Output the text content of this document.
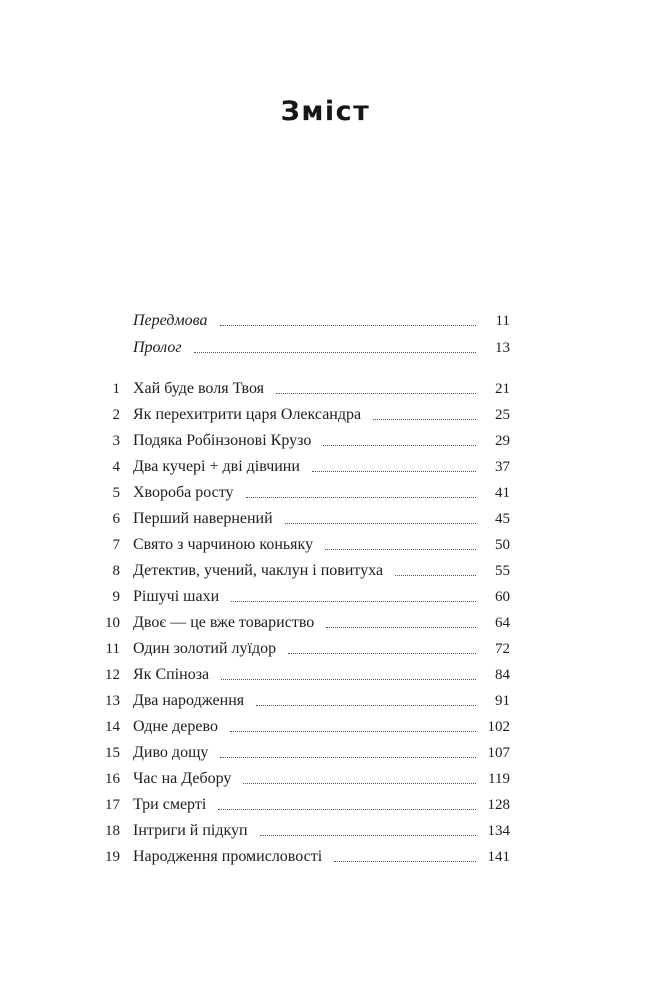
Зміст
Передмова	11
Пролог	13
1 Хай буде воля Твоя	21
2 Як перехитрити царя Олександра	25
3 Подяка Робінзонові Крузо	29
4 Два кучері + дві дівчини	37
5 Хвороба росту	41
6 Перший навернений	45
7 Свято з чарчиною коньяку	50
8 Детектив, учений, чаклун і повитуха	55
9 Рішучі шахи	60
10 Двоє — це вже товариство	64
11 Один золотий луїдор	72
12 Як Спіноза	84
13 Два народження	91
14 Одне дерево	102
15 Диво дощу	107
16 Час на Дебору	119
17 Три смерті	128
18 Інтриги й підкуп	134
19 Народження промисловості	141
